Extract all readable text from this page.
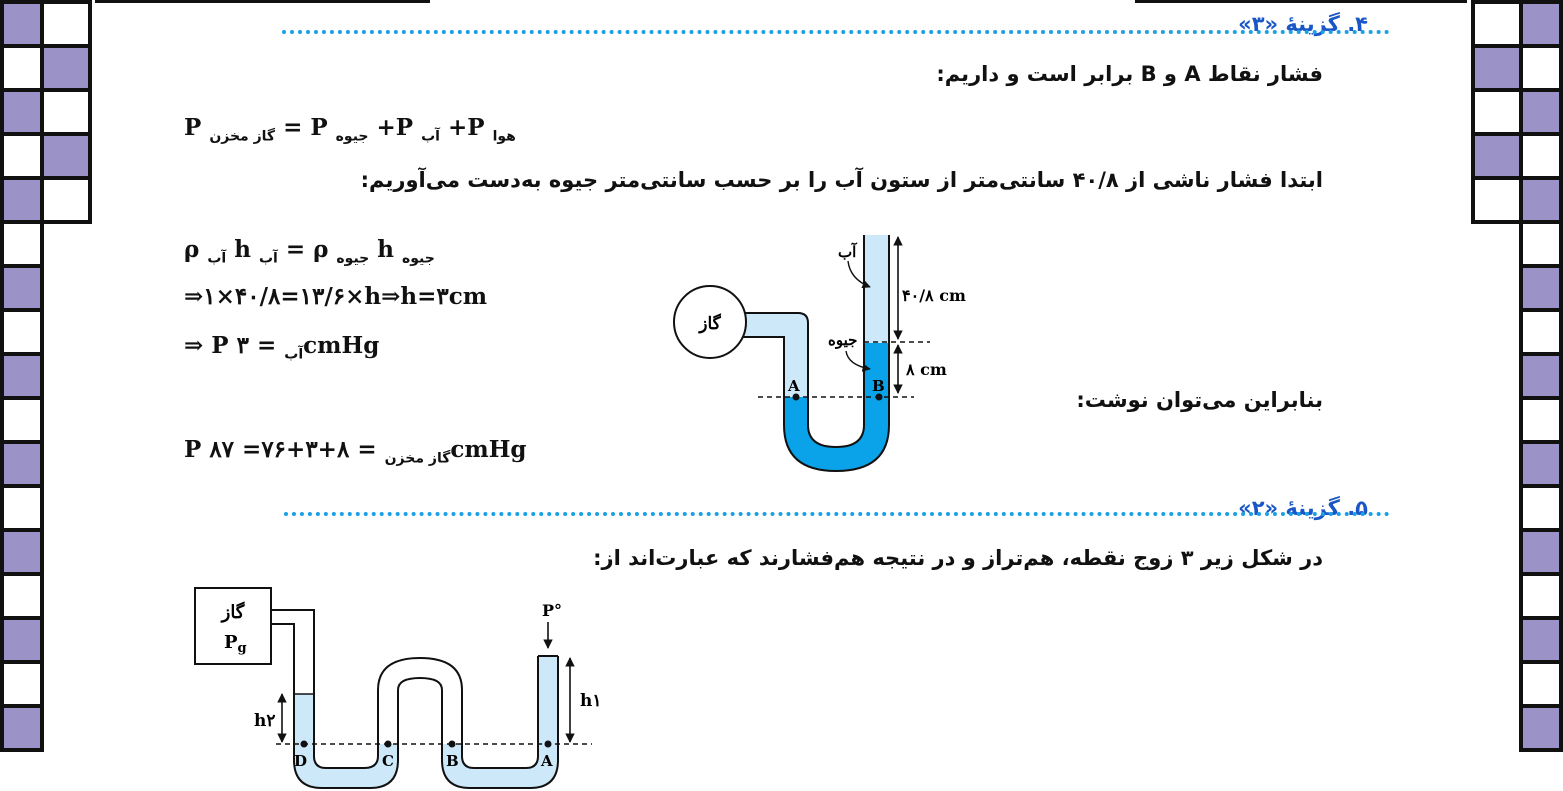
۴. گزینۀ «۳»
فشار نقاط A و B برابر است و داریم:
P $_{گاز مخزن}$ = P $_{جیوه}$ +P $_{آب}$ +P $_{هوا}$
ابتدا فشار ناشی از ۴۰/۸ سانتی‌متر از ستون آب را بر حسب سانتی‌متر جیوه به‌دست می‌آوریم:
ρ $_{آب}$ h $_{آب}$ = ρ $_{جیوه}$ h $_{جیوه}$
⇒۱×۴۰/۸=۱۳/۶×h⇒h=۳cm
⇒ P	$_{آب}$ = ۳cmHg
بنابراین می‌توان نوشت:
P	$_{گاز مخزن}$ = ۸+۳+۷۶= ۸۷cmHg
گاز
A	B
۴۰/۸ cm
۸ cm
آب
جیوه
۵. گزینۀ «۲»
در شکل زیر ۳ زوج نقطه، هم‌تراز و در نتیجه هم‌فشارند که عبارت‌اند از:
گاز
$P_g$
D	C	B	A
P°
h۱
h۲
